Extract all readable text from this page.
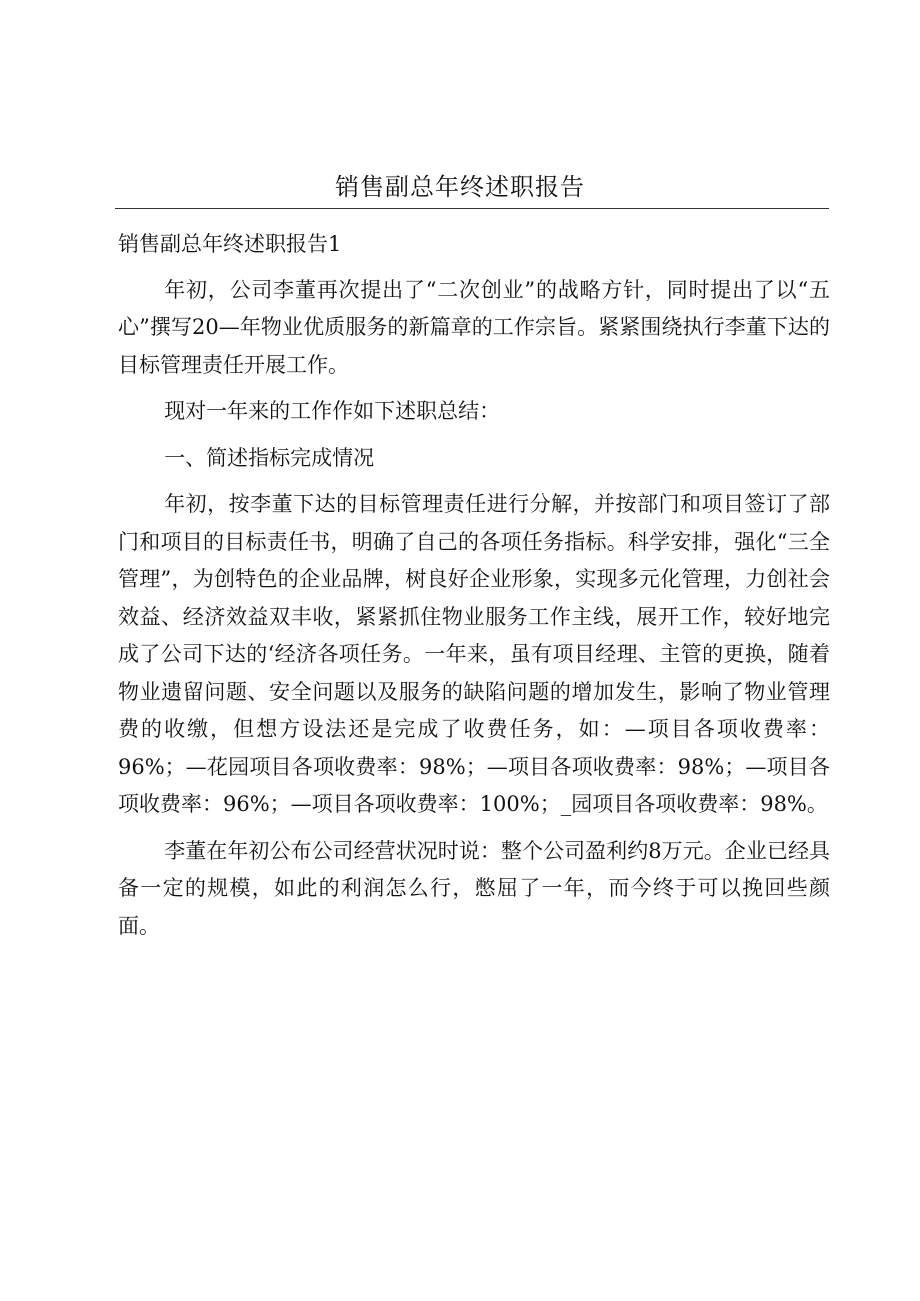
销售副总年终述职报告

销售副总年终述职报告1

年初，公司李董再次提出了“二次创业”的战略方针，同时提出了以“五心”撰写20—年物业优质服务的新篇章的工作宗旨。紧紧围绕执行李董下达的目标管理责任开展工作。

现对一年来的工作作如下述职总结：

一、简述指标完成情况

年初，按李董下达的目标管理责任进行分解，并按部门和项目签订了部门和项目的目标责任书，明确了自己的各项任务指标。科学安排，强化“三全管理”，为创特色的企业品牌，树良好企业形象，实现多元化管理，力创社会效益、经济效益双丰收，紧紧抓住物业服务工作主线，展开工作，较好地完成了公司下达的‘经济各项任务。一年来，虽有项目经理、主管的更换，随着物业遗留问题、安全问题以及服务的缺陷问题的增加发生，影响了物业管理费的收缴，但想方设法还是完成了收费任务，如：—项目各项收费率：96%；—花园项目各项收费率：98%；—项目各项收费率：98%；—项目各项收费率：96%；—项目各项收费率：100%；_园项目各项收费率：98%。

李董在年初公布公司经营状况时说：整个公司盈利约8万元。企业已经具备一定的规模，如此的利润怎么行，憋屈了一年，而今终于可以挽回些颜面。
